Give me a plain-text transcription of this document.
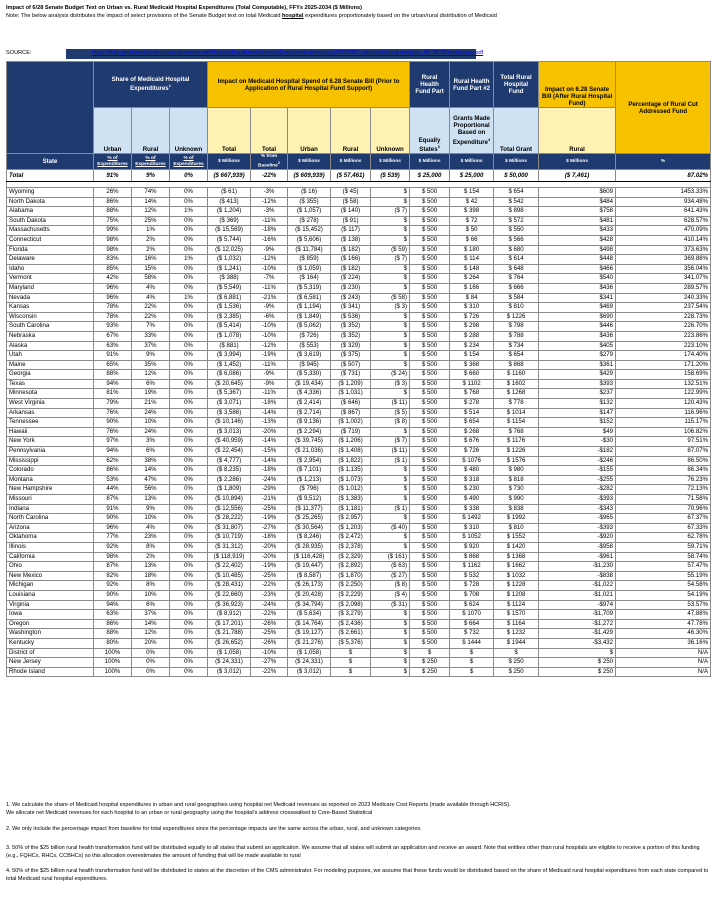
Impact of 6/28 Senate Budget Text on Urban vs. Rural Medicaid Hospital Expenditures (Total Computable), FFYs 2025-2034 ($ Millions)
Note: The below analysis distributes the impact of select provisions of the Senate Budget text on total Medicaid hospital expenditures proportionately based on the urban/rural distribution of Medicaid
SOURCE:	https://mfpr-prod-sentus-be.azure.wbsearch.net/NationalRuralHealth/media/Documents/Advocacy/2025/SBC-Hospital-Rural-Analysis_06-28-25-landscape.pdf
	Share of Medicaid Hospital Expenditures$^1$			Impact on Medicaid Hospital Spend of 6.28 Senate Bill (Prior to Application of Rural Hospital Fund Support)					Rural Health Fund Part	Rural Health Fund Part #2	Total Rural Hospital Fund	Impact on 6.28 Senate Bill (After Rural Hospital Fund)	Percentage of Rural Cut Addressed Fund
	Urban	Rural	Unknown	Total	Total	Urban	Rural	Unknown	Equally States$^3$	Grants Made Proportional Based on Expenditure$^4$	Total Grant	Rural	
State	% of Expenditures	% of Expenditures	% of Expenditures	$ Millions	% from Baseline$^2$	$ Millions	$ Millions	$ Millions	$ Millions	$ Millions	$ Millions	$ Millions	%
Total	91%	9%	0%	($ 667,939)	-22%	($ 609,939)	($ 57,461)	($ 539)	$ 25,000	$ 25,000	$ 50,000	($ 7,461)	87.02%

Wyoming	26%	74%	0%	($ 61)	-3%	($ 16)	($ 45)	$	$ 500	$ 154	$ 654	$609	1453.33%
North Dakota	86%	14%	0%	($ 413)	-12%	($ 355)	($ 58)	$	$ 500	$ 42	$ 542	$484	934.48%
Alabama	88%	12%	1%	($ 1,204)	-3%	($ 1,057)	($ 140)	($ 7)	$ 500	$ 398	$ 898	$758	641.43%
South Dakota	75%	25%	0%	($ 369)	-11%	($ 278)	($ 91)	$	$ 500	$ 72	$ 572	$481	628.57%
Massachusetts	99%	1%	0%	($ 15,569)	-18%	($ 15,452)	($ 117)	$	$ 500	$ 50	$ 550	$433	470.09%
Connecticut	98%	2%	0%	($ 5,744)	-16%	($ 5,606)	($ 138)	$	$ 500	$ 66	$ 566	$428	410.14%
Florida	98%	2%	0%	($ 12,025)	-9%	($ 11,784)	($ 182)	($ 59)	$ 500	$ 180	$ 680	$498	373.63%
Delaware	83%	16%	1%	($ 1,032)	-12%	($ 859)	($ 166)	($ 7)	$ 500	$ 114	$ 614	$448	369.88%
Idaho	85%	15%	0%	($ 1,241)	-10%	($ 1,059)	($ 182)	$	$ 500	$ 148	$ 648	$466	356.04%
Vermont	42%	58%	0%	($ 388)	-7%	($ 164)	($ 224)	$	$ 500	$ 264	$ 764	$540	341.07%
Maryland	96%	4%	0%	($ 5,549)	-11%	($ 5,319)	($ 230)	$	$ 500	$ 166	$ 666	$436	289.57%
Nevada	96%	4%	1%	($ 6,881)	-21%	($ 6,581)	($ 243)	($ 58)	$ 500	$ 84	$ 584	$341	240.33%
Kansas	78%	22%	0%	($ 1,536)	-9%	($ 1,194)	($ 341)	($ 3)	$ 500	$ 310	$ 810	$469	237.54%
Wisconsin	78%	22%	0%	($ 2,385)	-6%	($ 1,849)	($ 536)	$	$ 500	$ 726	$ 1226	$690	228.73%
South Carolina	93%	7%	0%	($ 5,414)	-10%	($ 5,062)	($ 352)	$	$ 500	$ 298	$ 798	$446	226.70%
Nebraska	67%	33%	0%	($ 1,078)	-10%	($ 726)	($ 352)	$	$ 500	$ 288	$ 788	$436	223.86%
Alaska	63%	37%	0%	($ 881)	-12%	($ 553)	($ 329)	$	$ 500	$ 234	$ 734	$405	223.10%
Utah	91%	9%	0%	($ 3,994)	-19%	($ 3,619)	($ 375)	$	$ 500	$ 154	$ 654	$279	174.40%
Maine	65%	35%	0%	($ 1,452)	-11%	($ 945)	($ 507)	$	$ 500	$ 368	$ 868	$361	171.20%
Georgia	88%	12%	0%	($ 6,086)	-9%	($ 5,330)	($ 731)	($ 24)	$ 500	$ 660	$ 1160	$429	158.69%
Texas	94%	6%	0%	($ 20,645)	-9%	($ 19,434)	($ 1,209)	($ 3)	$ 500	$ 1102	$ 1602	$393	132.51%
Minnesota	81%	19%	0%	($ 5,367)	-11%	($ 4,336)	($ 1,031)	$	$ 500	$ 768	$ 1268	$237	122.99%
West Virginia	79%	21%	0%	($ 3,071)	-18%	($ 2,414)	($ 646)	($ 11)	$ 500	$ 278	$ 778	$132	120.43%
Arkansas	76%	24%	0%	($ 3,586)	-14%	($ 2,714)	($ 867)	($ 5)	$ 500	$ 514	$ 1014	$147	116.96%
Tennessee	90%	10%	0%	($ 10,146)	-13%	($ 9,136)	($ 1,002)	($ 8)	$ 500	$ 654	$ 1154	$152	115.17%
Hawaii	76%	24%	0%	($ 3,013)	-20%	($ 2,294)	($ 719)	$	$ 500	$ 268	$ 768	$49	106.82%
New York	97%	3%	0%	($ 40,959)	-14%	($ 39,745)	($ 1,206)	($ 7)	$ 500	$ 676	$ 1176	-$30	97.51%
Pennsylvania	94%	6%	0%	($ 22,454)	-15%	($ 21,036)	($ 1,408)	($ 11)	$ 500	$ 726	$ 1226	-$182	87.07%
Mississippi	62%	38%	0%	($ 4,777)	-14%	($ 2,954)	($ 1,822)	($ 1)	$ 500	$ 1076	$ 1576	-$246	86.50%
Colorado	86%	14%	0%	($ 8,235)	-18%	($ 7,101)	($ 1,135)	$	$ 500	$ 480	$ 980	-$155	86.34%
Montana	53%	47%	0%	($ 2,286)	-24%	($ 1,213)	($ 1,073)	$	$ 500	$ 318	$ 818	-$255	76.23%
New Hampshire	44%	56%	0%	($ 1,809)	-29%	($ 796)	($ 1,012)	$	$ 500	$ 230	$ 730	-$282	72.13%
Missouri	87%	13%	0%	($ 10,894)	-21%	($ 9,512)	($ 1,383)	$	$ 500	$ 490	$ 990	-$393	71.58%
Indiana	91%	9%	0%	($ 12,556)	-25%	($ 11,377)	($ 1,181)	($ 1)	$ 500	$ 338	$ 838	-$343	70.96%
North Carolina	90%	10%	0%	($ 28,222)	-19%	($ 25,265)	($ 2,957)	$	$ 500	$ 1492	$ 1992	-$965	67.37%
Arizona	96%	4%	0%	($ 31,807)	-27%	($ 30,564)	($ 1,203)	($ 40)	$ 500	$ 310	$ 810	-$393	67.33%
Oklahoma	77%	23%	0%	($ 10,719)	-18%	($ 8,246)	($ 2,472)	$	$ 500	$ 1052	$ 1552	-$920	62.78%
Illinois	92%	8%	0%	($ 31,312)	-20%	($ 28,935)	($ 2,378)	$	$ 500	$ 920	$ 1420	-$958	59.71%
California	98%	2%	0%	($ 118,919)	-20%	($ 116,428)	($ 2,329)	($ 161)	$ 500	$ 868	$ 1368	-$961	58.74%
Ohio	87%	13%	0%	($ 22,402)	-19%	($ 19,447)	($ 2,892)	($ 63)	$ 500	$ 1162	$ 1662	-$1,230	57.47%
New Mexico	82%	18%	0%	($ 10,485)	-25%	($ 8,587)	($ 1,870)	($ 27)	$ 500	$ 532	$ 1032	-$838	55.19%
Michigan	92%	8%	0%	($ 28,431)	-22%	($ 26,173)	($ 2,250)	($ 8)	$ 500	$ 728	$ 1228	-$1,022	54.58%
Louisiana	90%	10%	0%	($ 22,660)	-23%	($ 20,428)	($ 2,229)	($ 4)	$ 500	$ 708	$ 1208	-$1,021	54.19%
Virginia	94%	6%	0%	($ 36,923)	-24%	($ 34,794)	($ 2,098)	($ 31)	$ 500	$ 624	$ 1124	-$974	53.57%
Iowa	63%	37%	0%	($ 8,912)	-22%	($ 5,634)	($ 3,279)	$	$ 500	$ 1070	$ 1570	-$1,709	47.88%
Oregon	86%	14%	0%	($ 17,201)	-26%	($ 14,764)	($ 2,436)	$	$ 500	$ 664	$ 1164	-$1,272	47.78%
Washington	88%	12%	0%	($ 21,788)	-25%	($ 19,127)	($ 2,661)	$	$ 500	$ 732	$ 1232	-$1,429	46.30%
Kentucky	80%	20%	0%	($ 26,652)	-26%	($ 21,276)	($ 5,376)	$	$ 500	$ 1444	$ 1944	-$3,432	36.16%
District of	100%	0%	0%	($ 1,058)	-10%	($ 1,058)	$	$	$	$	$	$	N/A
New Jersey	100%	0%	0%	($ 24,331)	-27%	($ 24,331)	$	$	$ 250	$	$ 250	$ 250	N/A
Rhode Island	100%	0%	0%	($ 3,012)	-22%	($ 3,012)	$	$	$ 250	$	$ 250	$ 250	N/A
1. We calculate the share of Medicaid hospital expenditures in urban and rural geographies using hospital net Medicaid revenues as reported on 2023 Medicare Cost Reports (made available through HCRIS).
We allocate net Medicaid revenues for each hospital to an urban or rural geography using the hospital's address crosswalked to Core-Based Statistical
2. We only include the percentage impact from baseline for total expenditures since the percentage impacts are the same across the urban, rural, and unknown categories.
3. 50% of the $25 billion rural health transformation fund will be distributed equally to all states that submit an application. We assume that all states will submit an application and receive an award. Note that entities other than rural hospitals are eligible to receive a portion of this funding (e.g., FQHCs, RHCs, CCBHCs) so this allocation overestimates the amount of funding that will be made available to rural
4. 50% of the $25 billion rural health transformation fund will be distributed to states at the discretion of the CMS administrator. For modeling purposes, we assume that these funds would be distributed based on the share of Medicaid rural hospital expenditures from each state compared to total Medicaid rural hospital expenditures.
